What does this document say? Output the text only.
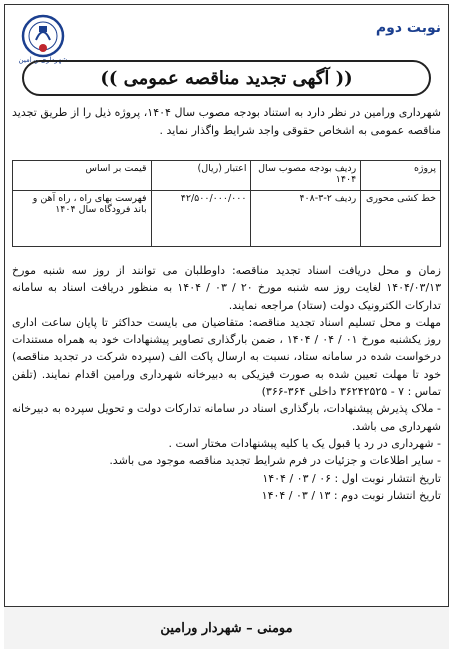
نوبت دوم
شهرداری ورامین
(( آگهی تجدید مناقصه عمومی ))
شهرداری ورامین در نظر دارد به استناد بودجه مصوب سال ۱۴۰۴، پروژه ذیل را از طریق تجدید مناقصه عمومی به اشخاص حقوقی واجد شرایط واگذار نماید .
پروژه	ردیف بودجه مصوب سال ۱۴۰۴	اعتبار (ریال)	قیمت بر اساس
خط کشی محوری	ردیف ۲-۳-۴۰۸	۴۲/۵۰۰/۰۰۰/۰۰۰	فهرست بهای راه ، راه آهن و باند فرودگاه سال ۱۴۰۴

زمان و محل دریافت اسناد تجدید مناقصه: داوطلبان می توانند از روز سه شنبه مورخ ۱۴۰۴/۰۳/۱۳ لغایت روز سه شنبه مورخ ۲۰ / ۰۳ / ۱۴۰۴ به منظور دریافت اسناد به سامانه تدارکات الکترونیک دولت (ستاد) مراجعه نمایند.

مهلت و محل تسلیم اسناد تجدید مناقصه: متقاضیان می بایست حداکثر تا پایان ساعت اداری روز یکشنبه مورخ ۰۱ / ۰۴ / ۱۴۰۴ ، ضمن بارگذاری تصاویر پیشنهادات خود به همراه مستندات درخواست شده در سامانه ستاد، نسبت به ارسال پاکت الف (سپرده شرکت در تجدید مناقصه) خود تا مهلت تعیین شده به صورت فیزیکی به دبیرخانه شهرداری ورامین اقدام نمایند. (تلفن تماس : ۷ - ۳۶۲۴۲۵۲۵ داخلی ۳۶۴-۳۶۶)

- ملاک پذیرش پیشنهادات، بارگذاری اسناد در سامانه تدارکات دولت و تحویل سپرده به دبیرخانه شهرداری می باشد.

- شهرداری در رد یا قبول یک یا کلیه پیشنهادات مختار است .

- سایر اطلاعات و جزئیات در فرم شرایط تجدید مناقصه موجود می باشد.

تاریخ انتشار نوبت اول : ۰۶ / ۰۳ / ۱۴۰۴

تاریخ انتشار نوبت دوم : ۱۳ / ۰۳ / ۱۴۰۴

مومنی – شهردار ورامین
